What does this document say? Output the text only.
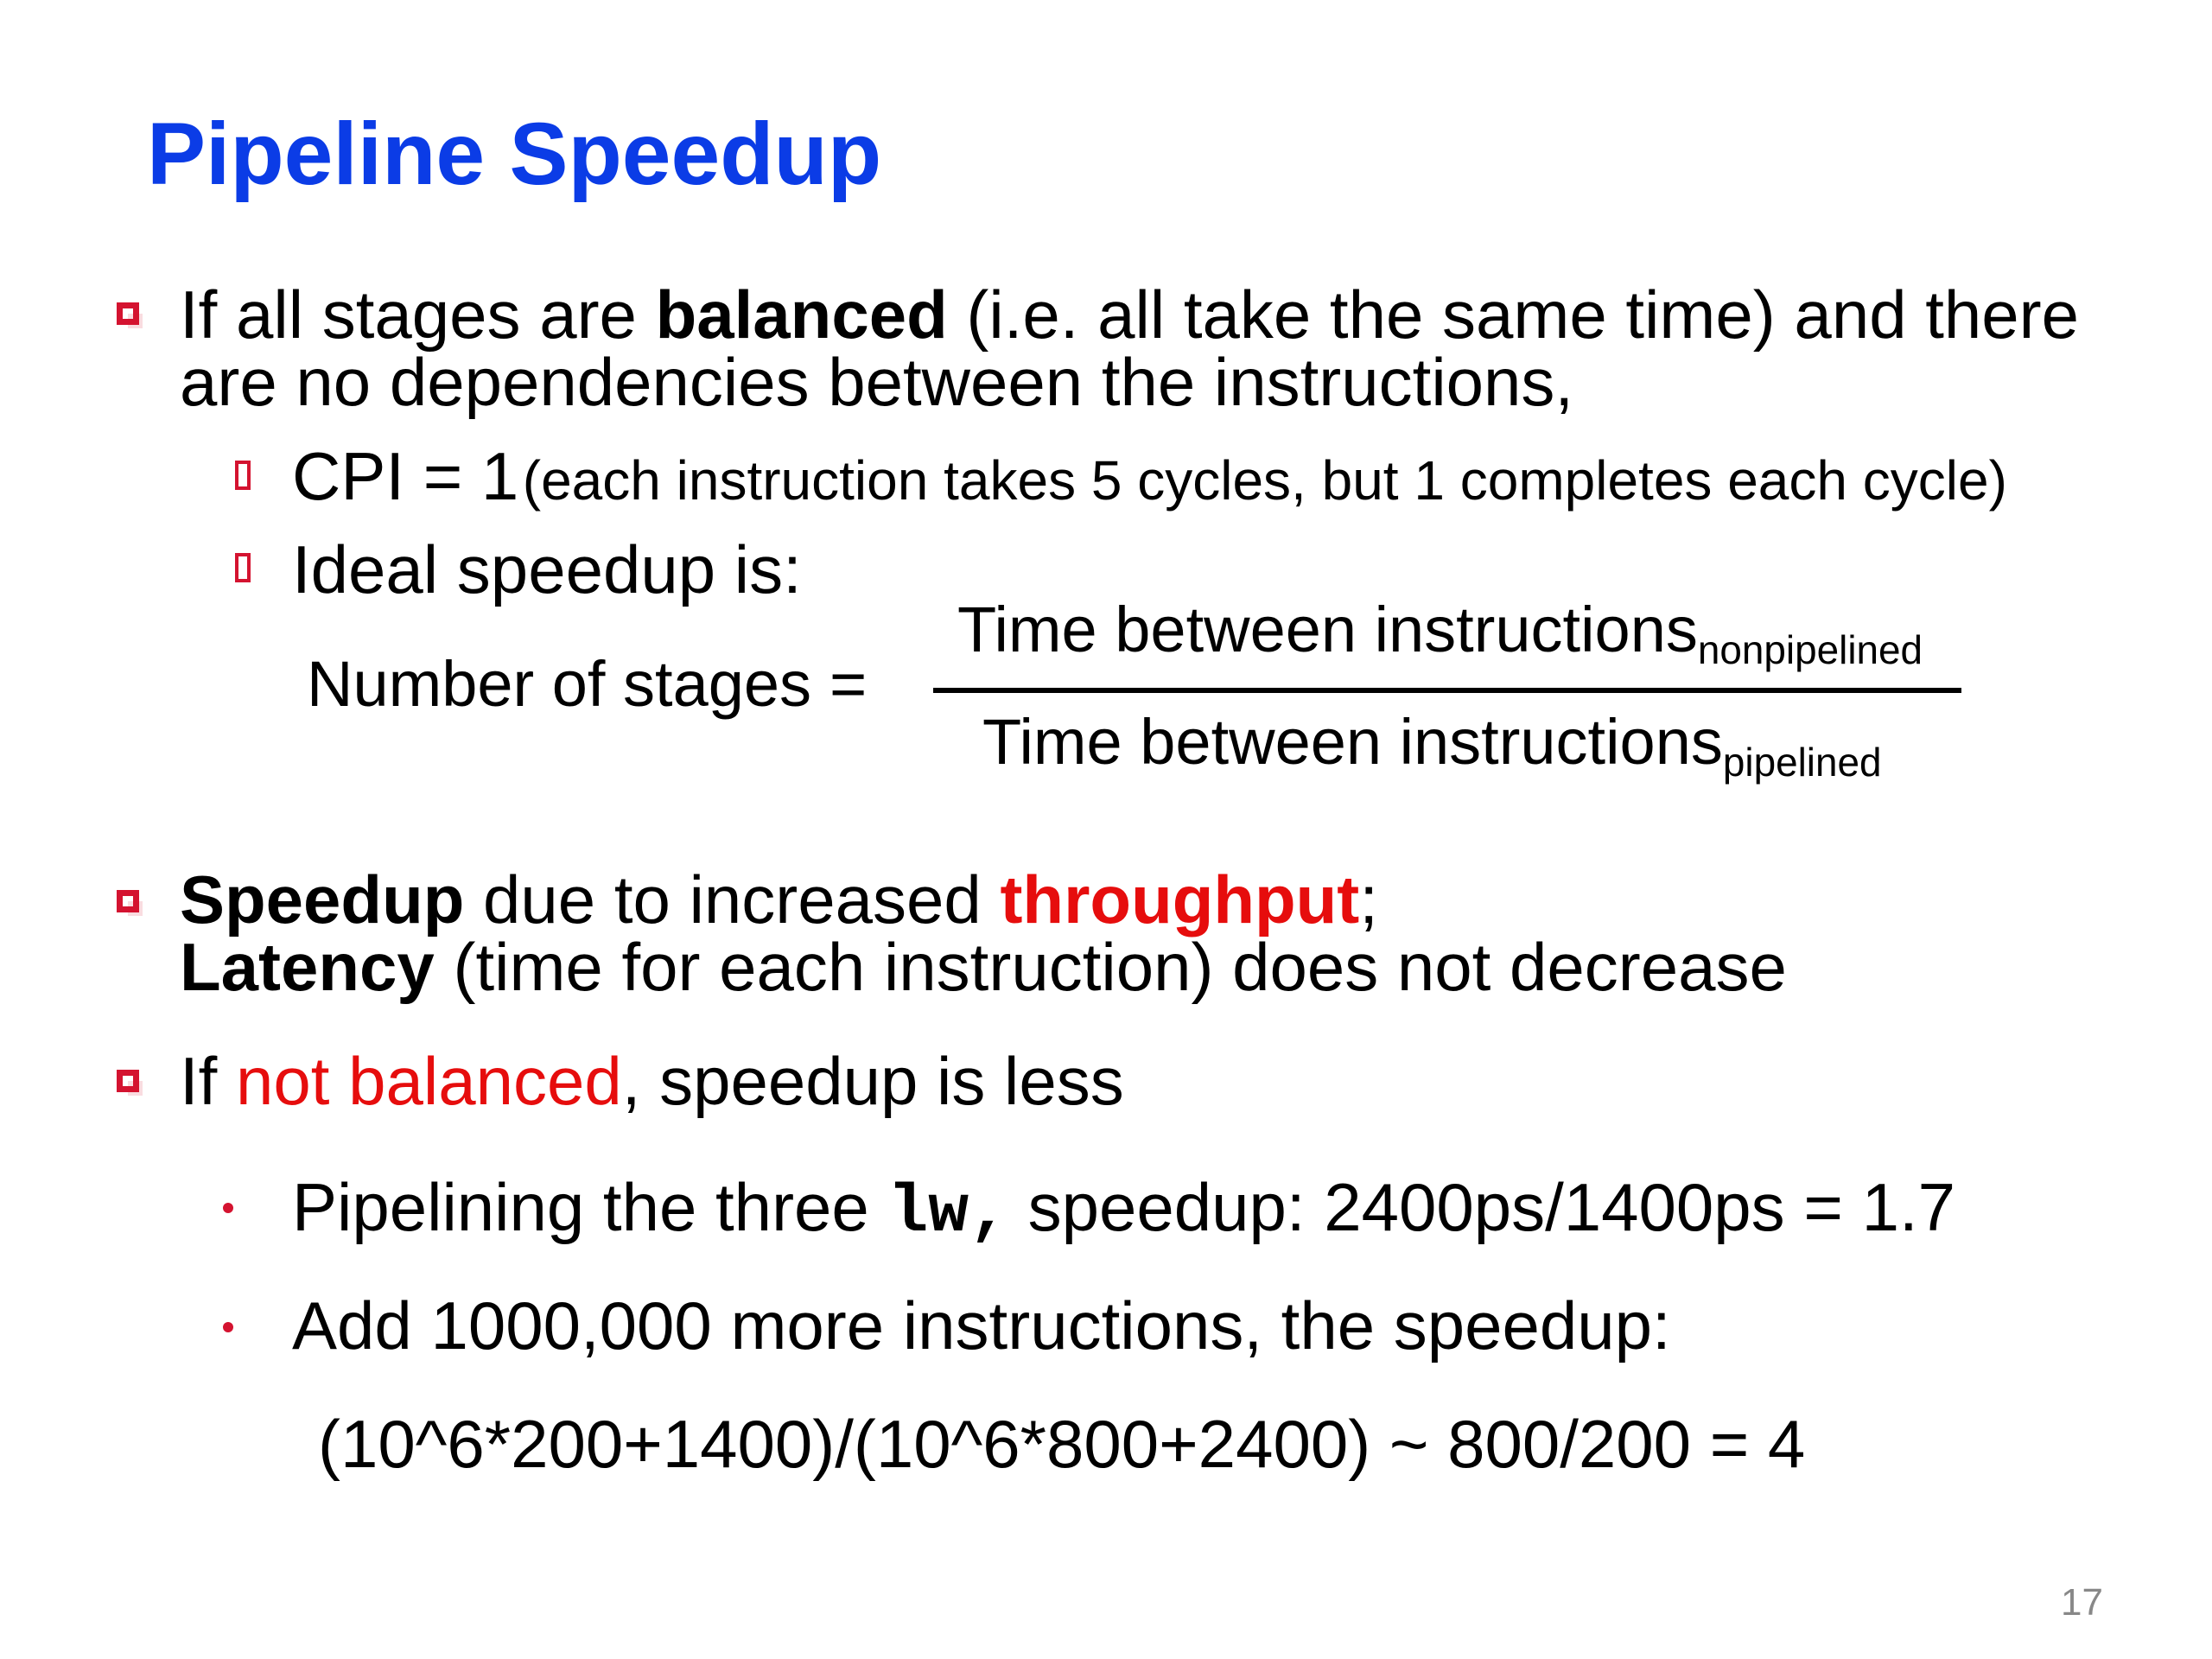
Pipeline Speedup
If all stages are balanced (i.e. all take the same time) and there
are no dependencies between the instructions,
CPI = 1 (each instruction takes 5 cycles, but 1 completes each cycle)
Ideal speedup is:
Number of stages =
Time between instructions$_{nonpipelined}$
Time between instructions$_{pipelined}$
Speedup due to increased throughput;
Latency (time for each instruction) does not decrease
If not balanced, speedup is less
Pipelining the three lw, speedup: 2400ps/1400ps = 1.7
Add 1000,000 more instructions, the speedup:
(10^6*200+1400)/(10^6*800+2400) ~ 800/200 = 4
17
